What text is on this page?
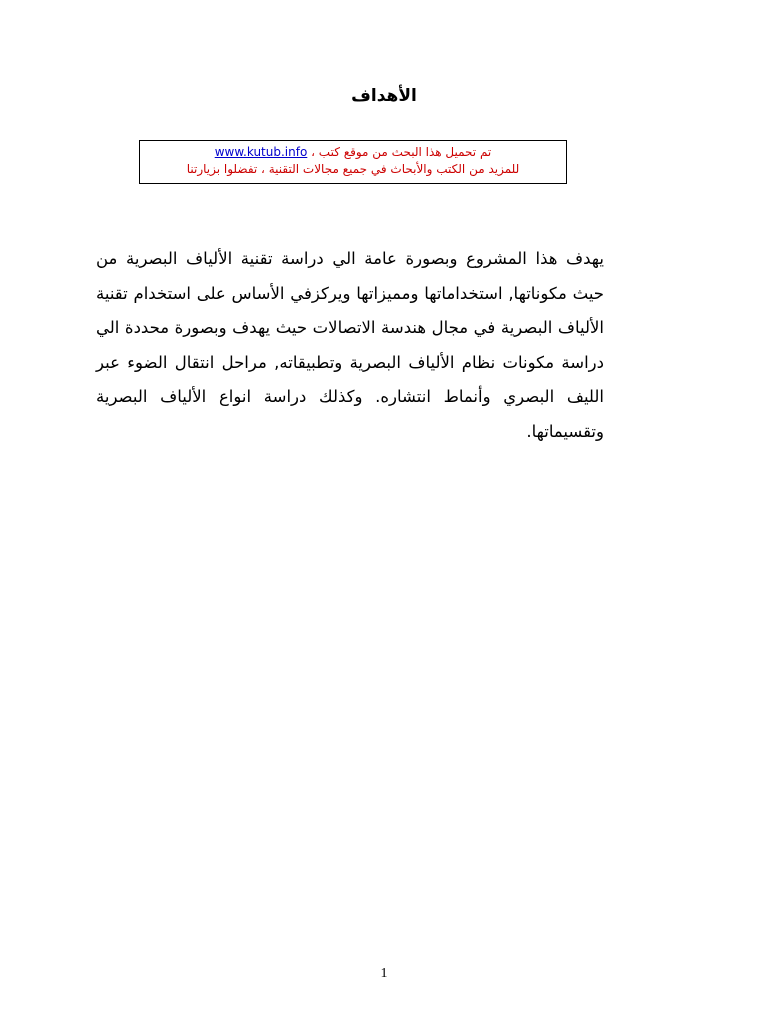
الأهداف
تم تحميل هذا البحث من موقع كتب ، www.kutub.info
للمزيد من الكتب والأبحاث في جميع مجالات التقنية ، تفضلوا بزيارتنا
يهدف هذا المشروع وبصورة عامة الي دراسة تقنية الألياف البصرية من حيث مكوناتها, استخداماتها ومميزاتها ويركزفي الأساس على استخدام تقنية الألياف البصرية في مجال هندسة الاتصالات حيث يهدف وبصورة محددة الي دراسة مكونات نظام الألياف البصرية وتطبيقاته, مراحل انتقال الضوء عبر الليف البصري وأنماط انتشاره. وكذلك دراسة انواع الألياف البصرية وتقسيماتها.
1
